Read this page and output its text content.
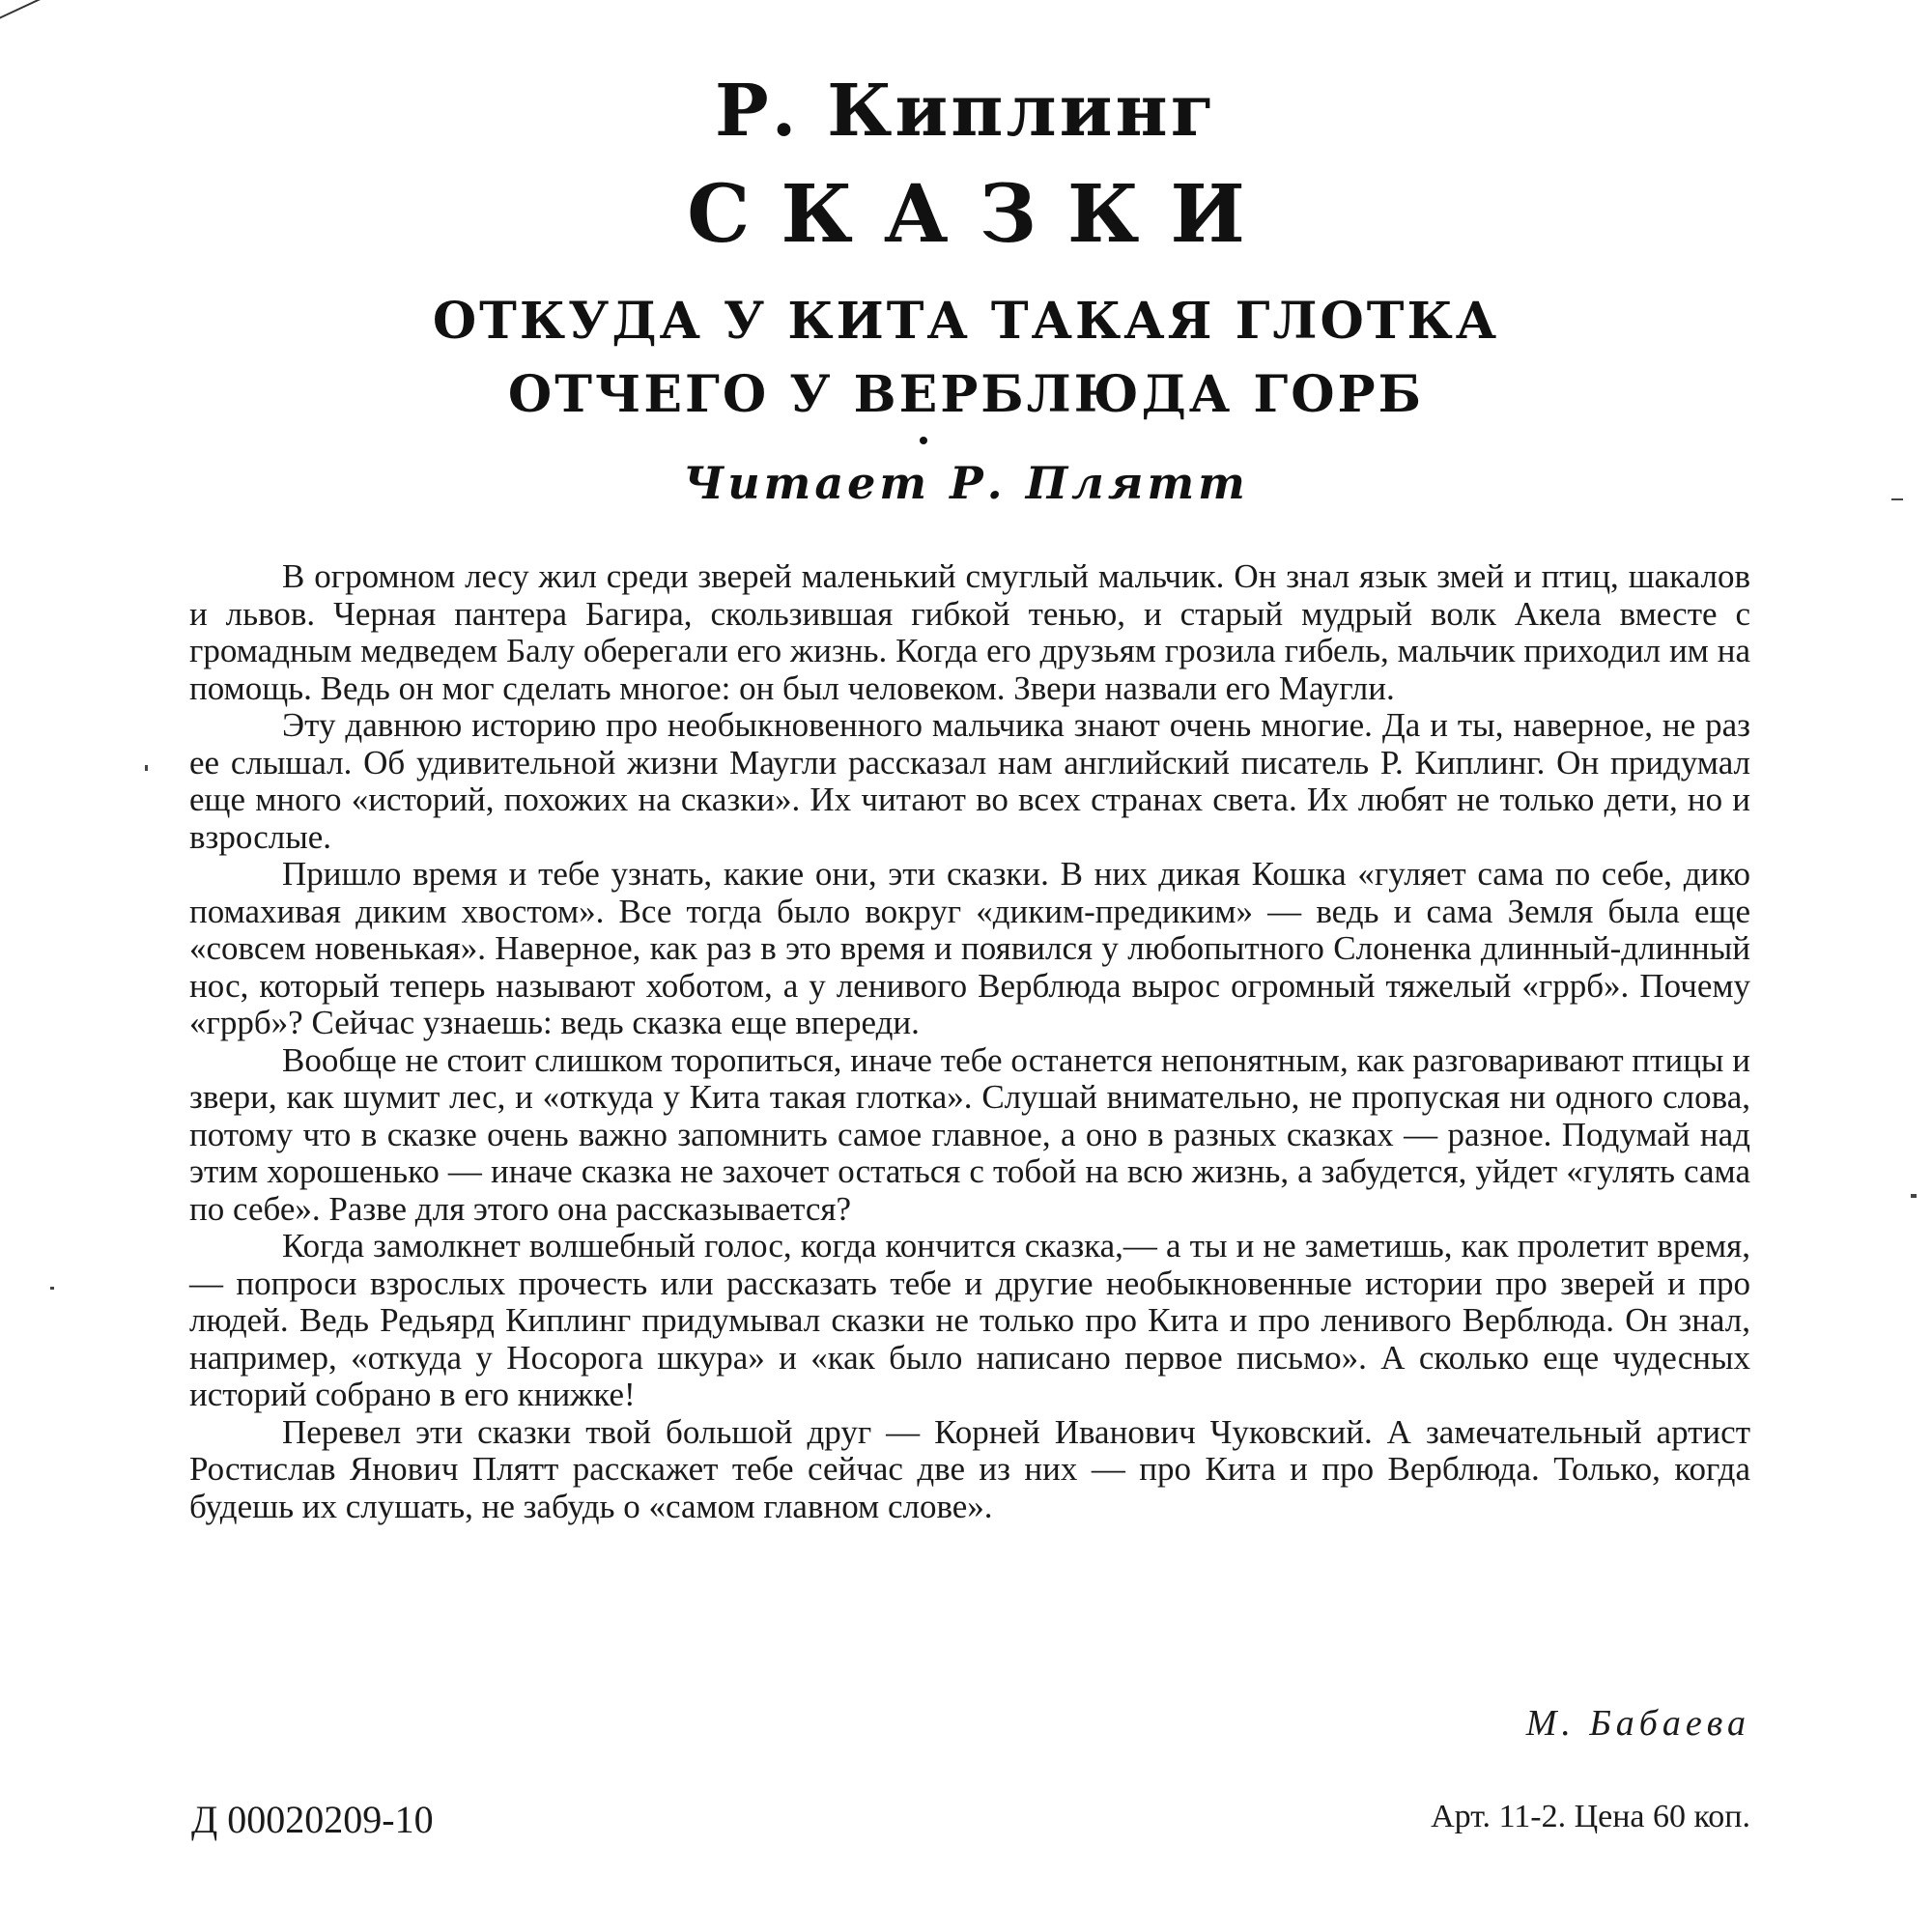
Р. Киплинг
СКАЗКИ
ОТКУДА У КИТА ТАКАЯ ГЛОТКА
ОТЧЕГО У ВЕРБЛЮДА ГОРБ
Читает Р. Плятт

В огромном лесу жил среди зверей маленький смуглый мальчик. Он знал язык змей и птиц, шакалов и львов. Черная пантера Багира, скользившая гибкой тенью, и старый мудрый волк Акела вместе с громадным медведем Балу оберегали его жизнь. Когда его друзьям грозила гибель, мальчик приходил им на помощь. Ведь он мог сделать многое: он был человеком. Звери назвали его Маугли.

Эту давнюю историю про необыкновенного мальчика знают очень многие. Да и ты, наверное, не раз ее слышал. Об удивительной жизни Маугли рассказал нам английский писатель Р. Киплинг. Он придумал еще много «историй, похожих на сказки». Их читают во всех странах света. Их любят не только дети, но и взрослые.

Пришло время и тебе узнать, какие они, эти сказки. В них дикая Кошка «гуляет сама по себе, дико помахивая диким хвостом». Все тогда было вокруг «диким-предиким» — ведь и сама Земля была еще «совсем новенькая». Наверное, как раз в это время и появился у любопытного Слоненка длинный-длинный нос, который теперь называют хоботом, а у ленивого Верблюда вырос огромный тяжелый «грpб». Почему «грpб»? Сейчас узнаешь: ведь сказка еще впереди.

Вообще не стоит слишком торопиться, иначе тебе останется непонятным, как разговаривают птицы и звери, как шумит лес, и «откуда у Кита такая глотка». Слушай внимательно, не пропуская ни одного слова, потому что в сказке очень важно запомнить самое главное, а оно в разных сказках — разное. Подумай над этим хорошенько — иначе сказка не захочет остаться с тобой на всю жизнь, а забудется, уйдет «гулять сама по себе». Разве для этого она рассказывается?

Когда замолкнет волшебный голос, когда кончится сказка,— а ты и не заметишь, как пролетит время,— попроси взрослых прочесть или рассказать тебе и другие необыкновенные истории про зверей и про людей. Ведь Редьярд Киплинг придумывал сказки не только про Кита и про ленивого Верблюда. Он знал, например, «откуда у Носорога шкура» и «как было написано первое письмо». А сколько еще чудесных историй собрано в его книжке!

Перевел эти сказки твой большой друг — Корней Иванович Чуковский. А замечательный артист Ростислав Янович Плятт расскажет тебе сейчас две из них — про Кита и про Верблюда. Только, когда будешь их слушать, не забудь о «самом главном слове».

М. Бабаева
Д 00020209-10	Арт. 11-2. Цена 60 коп.
